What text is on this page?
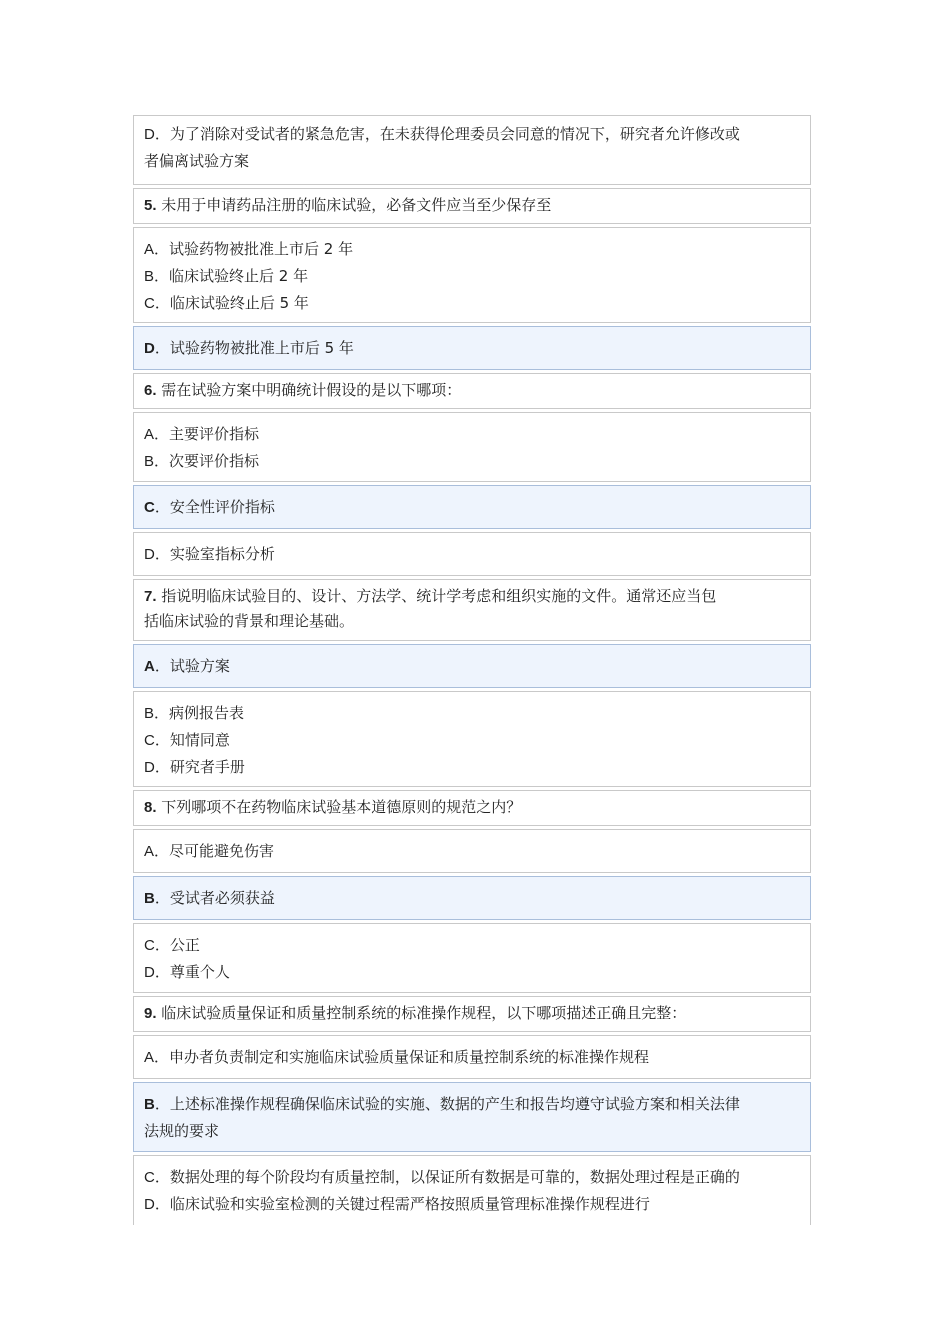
D．为了消除对受试者的紧急危害，在未获得伦理委员会同意的情况下，研究者允许修改或
者偏离试验方案
5. 未用于申请药品注册的临床试验，必备文件应当至少保存至
A．试验药物被批准上市后 2 年
B．临床试验终止后 2 年
C．临床试验终止后 5 年
D．试验药物被批准上市后 5 年
6. 需在试验方案中明确统计假设的是以下哪项：
A．主要评价指标
B．次要评价指标
C．安全性评价指标
D．实验室指标分析
7. 指说明临床试验目的、设计、方法学、统计学考虑和组织实施的文件。通常还应当包
括临床试验的背景和理论基础。
A．试验方案
B．病例报告表
C．知情同意
D．研究者手册
8. 下列哪项不在药物临床试验基本道德原则的规范之内？
A．尽可能避免伤害
B．受试者必须获益
C．公正
D．尊重个人
9. 临床试验质量保证和质量控制系统的标准操作规程，以下哪项描述正确且完整：
A．申办者负责制定和实施临床试验质量保证和质量控制系统的标准操作规程
B．上述标准操作规程确保临床试验的实施、数据的产生和报告均遵守试验方案和相关法律
法规的要求
C．数据处理的每个阶段均有质量控制，以保证所有数据是可靠的，数据处理过程是正确的
D．临床试验和实验室检测的关键过程需严格按照质量管理标准操作规程进行
